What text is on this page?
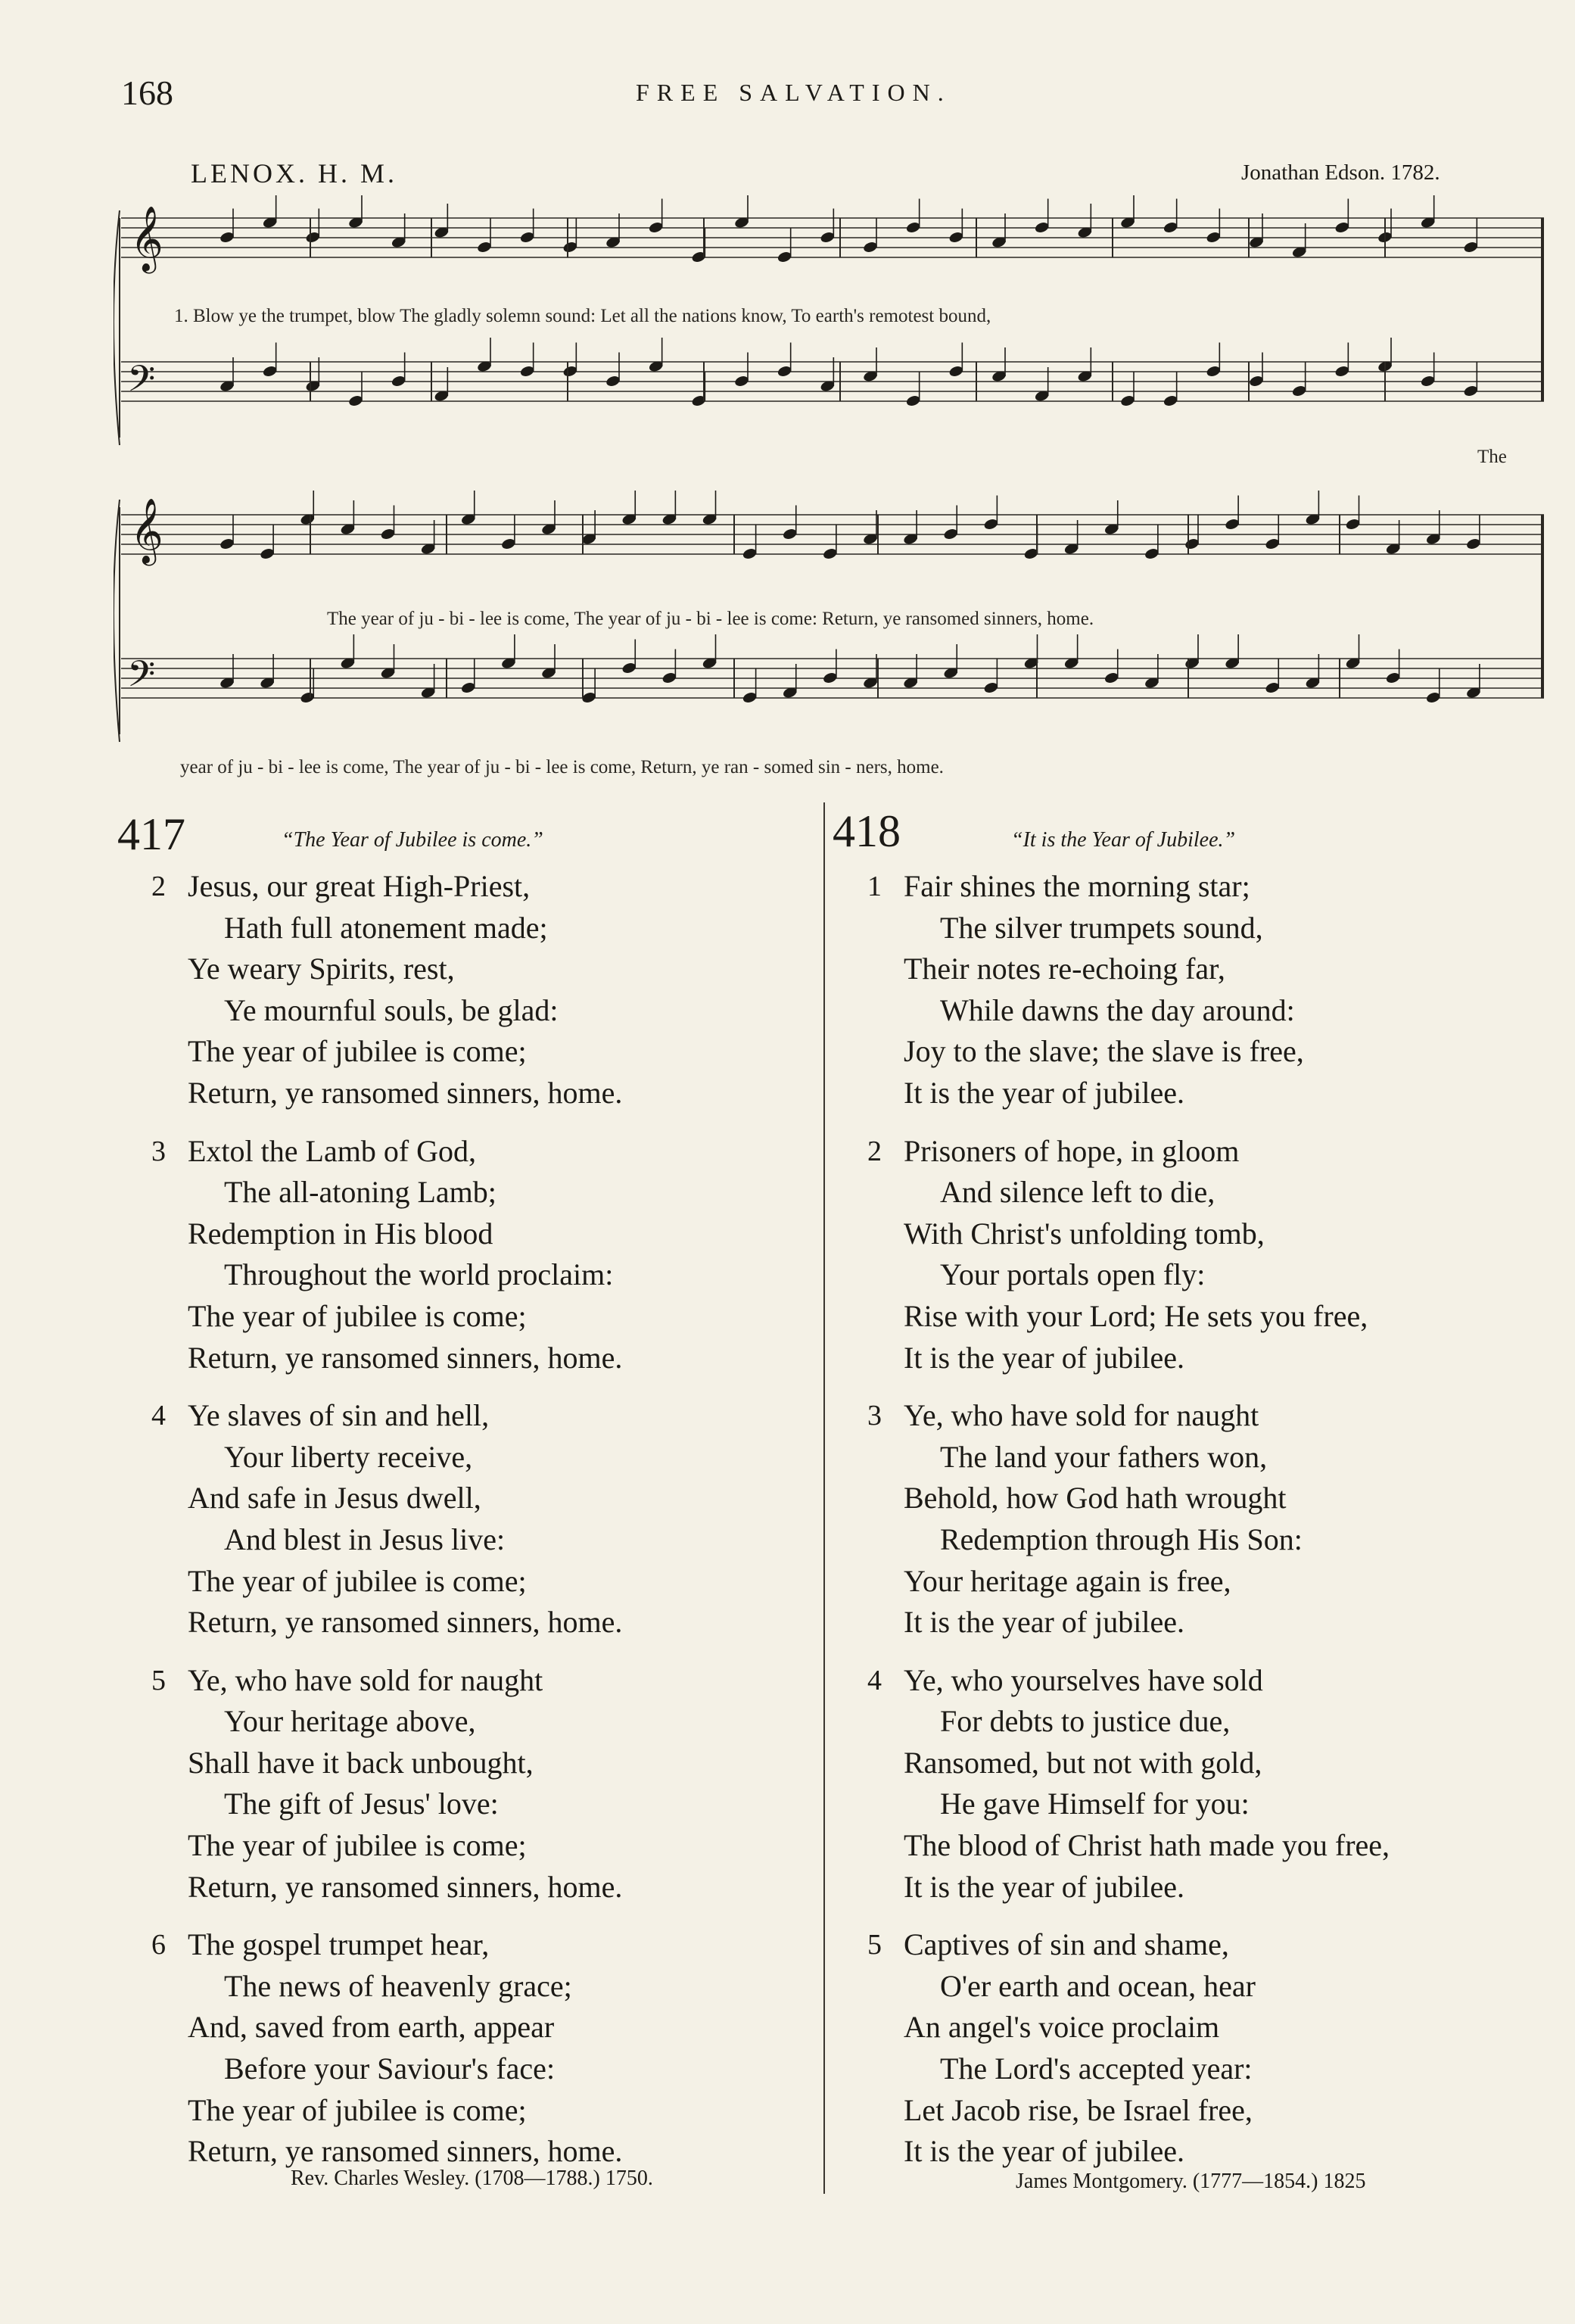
168	FREE SALVATION.
LENOX. H. M.	Jonathan Edson. 1782.
𝄞
𝄢
1. Blow ye the trumpet, blow The gladly solemn sound: Let all the nations know, To earth's remotest bound,
The
𝄞
𝄢
The year of ju - bi - lee is come, The year of ju - bi - lee is come: Return, ye ransomed sinners, home.
year of ju - bi - lee is come, The year of ju - bi - lee is come, Return, ye ran - somed sin - ners, home.
417	“The Year of Jubilee is come.”
2 Jesus, our great High-Priest,
Hath full atonement made;
Ye weary Spirits, rest,
Ye mournful souls, be glad:
The year of jubilee is come;
Return, ye ransomed sinners, home.
3 Extol the Lamb of God,
The all-atoning Lamb;
Redemption in His blood
Throughout the world proclaim:
The year of jubilee is come;
Return, ye ransomed sinners, home.
4 Ye slaves of sin and hell,
Your liberty receive,
And safe in Jesus dwell,
And blest in Jesus live:
The year of jubilee is come;
Return, ye ransomed sinners, home.
5 Ye, who have sold for naught
Your heritage above,
Shall have it back unbought,
The gift of Jesus' love:
The year of jubilee is come;
Return, ye ransomed sinners, home.
6 The gospel trumpet hear,
The news of heavenly grace;
And, saved from earth, appear
Before your Saviour's face:
The year of jubilee is come;
Return, ye ransomed sinners, home.
Rev. Charles Wesley. (1708—1788.) 1750.
418	“It is the Year of Jubilee.”
1 Fair shines the morning star;
The silver trumpets sound,
Their notes re-echoing far,
While dawns the day around:
Joy to the slave; the slave is free,
It is the year of jubilee.
2 Prisoners of hope, in gloom
And silence left to die,
With Christ's unfolding tomb,
Your portals open fly:
Rise with your Lord; He sets you free,
It is the year of jubilee.
3 Ye, who have sold for naught
The land your fathers won,
Behold, how God hath wrought
Redemption through His Son:
Your heritage again is free,
It is the year of jubilee.
4 Ye, who yourselves have sold
For debts to justice due,
Ransomed, but not with gold,
He gave Himself for you:
The blood of Christ hath made you free,
It is the year of jubilee.
5 Captives of sin and shame,
O'er earth and ocean, hear
An angel's voice proclaim
The Lord's accepted year:
Let Jacob rise, be Israel free,
It is the year of jubilee.
James Montgomery. (1777—1854.) 1825
